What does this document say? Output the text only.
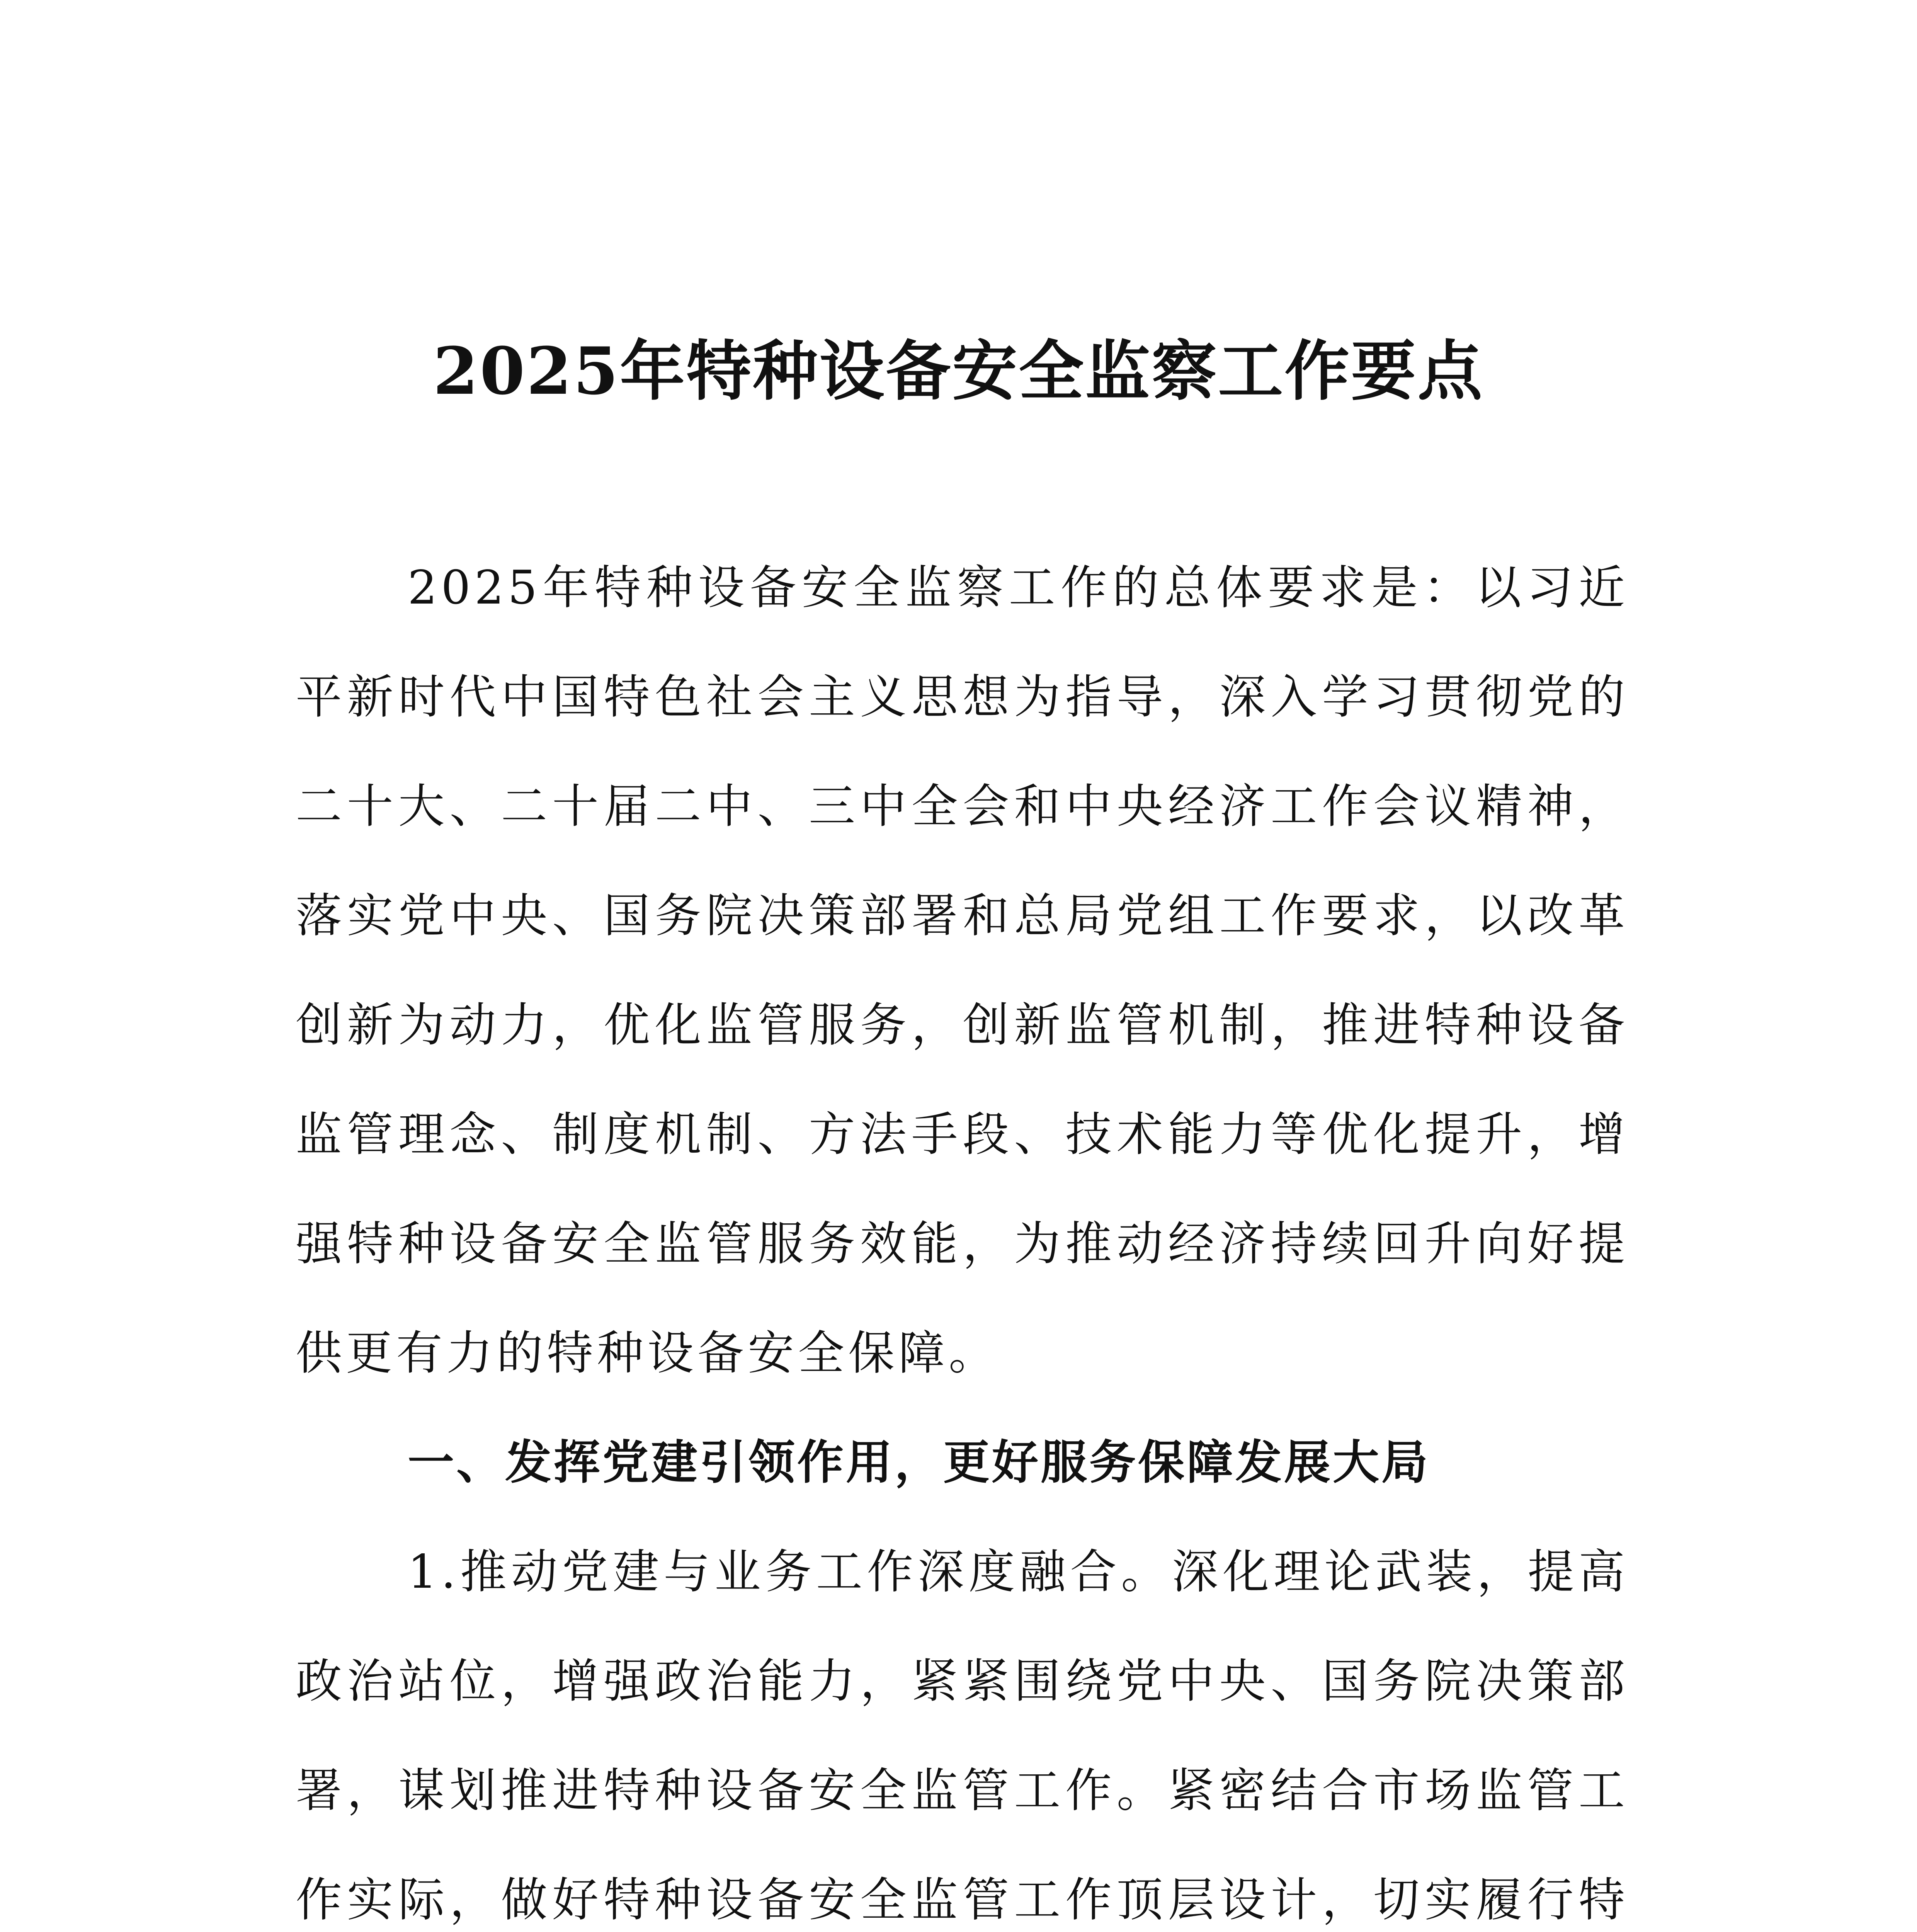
2025年特种设备安全监察工作要点

2025年特种设备安全监察工作的总体要求是：以习近平新时代中国特色社会主义思想为指导，深入学习贯彻党的二十大、二十届二中、三中全会和中央经济工作会议精神，落实党中央、国务院决策部署和总局党组工作要求，以改革创新为动力，优化监管服务，创新监管机制，推进特种设备监管理念、制度机制、方法手段、技术能力等优化提升，增强特种设备安全监管服务效能，为推动经济持续回升向好提供更有力的特种设备安全保障。

一、发挥党建引领作用，更好服务保障发展大局

1.推动党建与业务工作深度融合。深化理论武装，提高政治站位，增强政治能力，紧紧围绕党中央、国务院决策部署，谋划推进特种设备安全监管工作。紧密结合市场监管工作实际，做好特种设备安全监管工作顶层设计，切实履行特
